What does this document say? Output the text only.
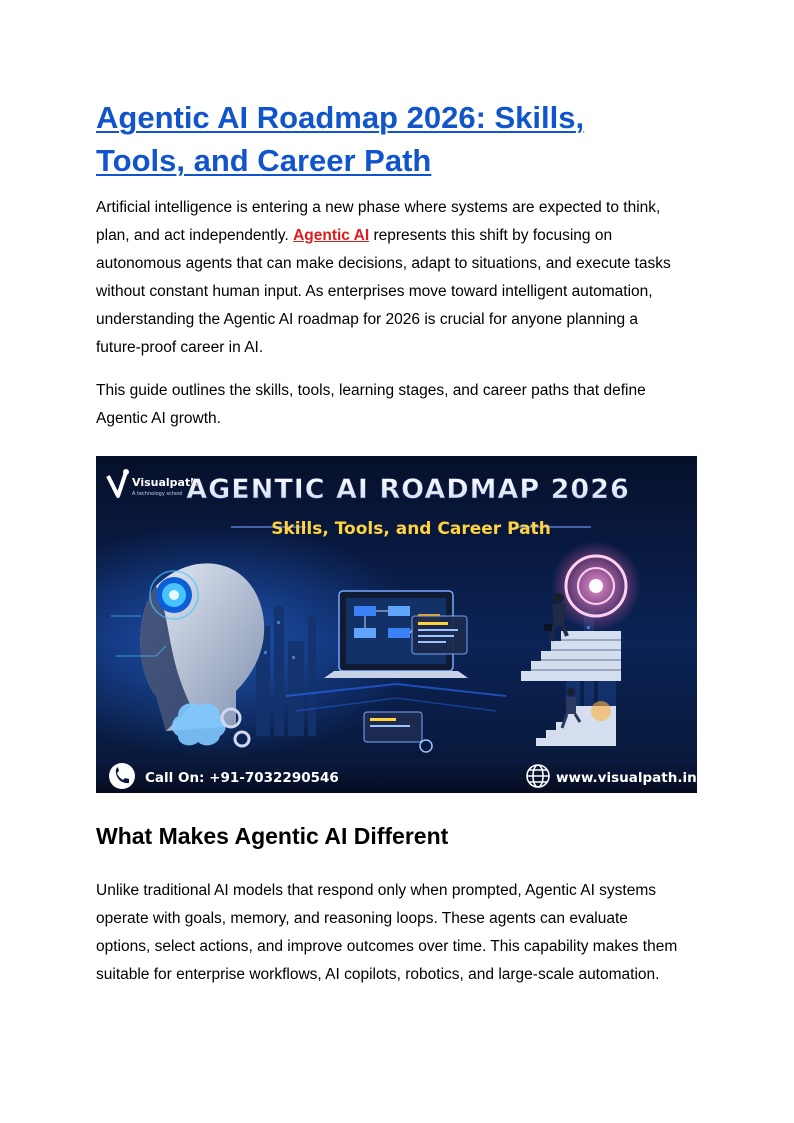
Agentic AI Roadmap 2026: Skills,
Tools, and Career Path

Artificial intelligence is entering a new phase where systems are expected to think,
plan, and act independently. Agentic AI represents this shift by focusing on
autonomous agents that can make decisions, adapt to situations, and execute tasks
without constant human input. As enterprises move toward intelligent automation,
understanding the Agentic AI roadmap for 2026 is crucial for anyone planning a
future-proof career in AI.

This guide outlines the skills, tools, learning stages, and career paths that define
Agentic AI growth.

Visualpath
A technology school AGENTIC AI ROADMAP 2026
Skills, Tools, and Career Path
Call On: +91-7032290546	www.visualpath.in
What Makes Agentic AI Different

Unlike traditional AI models that respond only when prompted, Agentic AI systems
operate with goals, memory, and reasoning loops. These agents can evaluate
options, select actions, and improve outcomes over time. This capability makes them
suitable for enterprise workflows, AI copilots, robotics, and large-scale automation.
